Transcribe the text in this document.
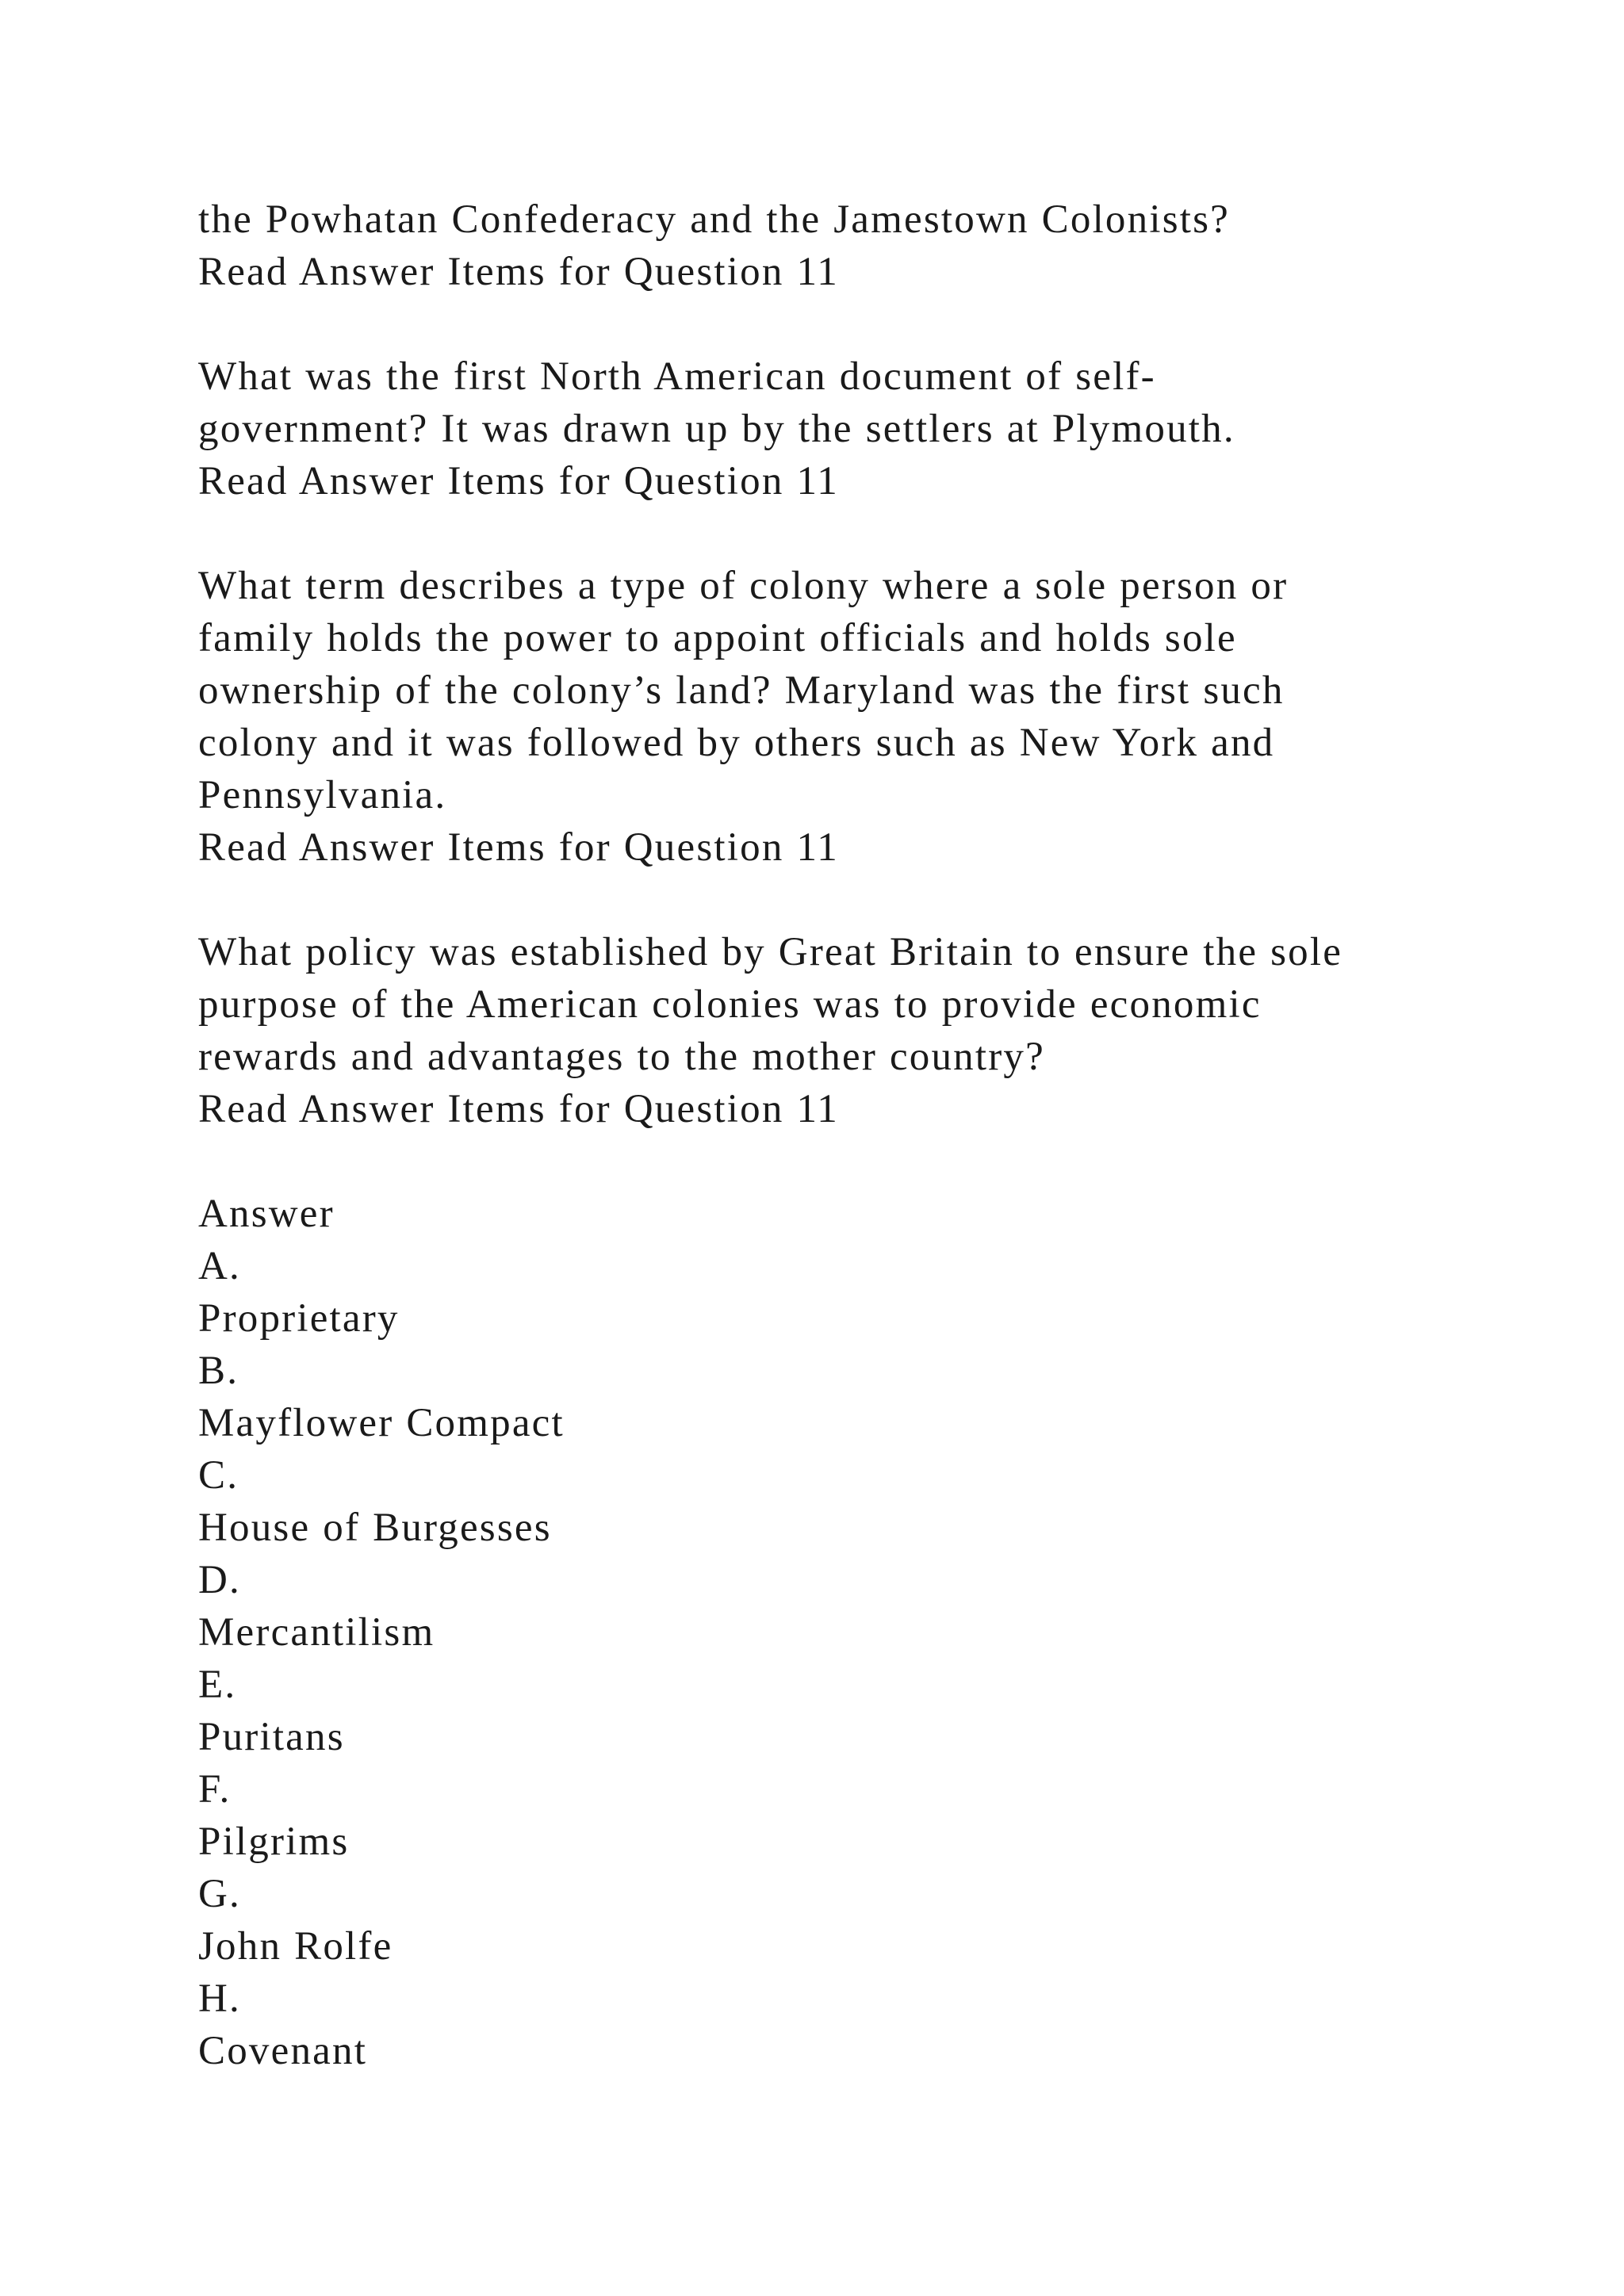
the Powhatan Confederacy and the Jamestown Colonists?
Read Answer Items for Question 11
What was the first North American document of self-
government? It was drawn up by the settlers at Plymouth.
Read Answer Items for Question 11
What term describes a type of colony where a sole person or
family holds the power to appoint officials and holds sole
ownership of the colony’s land? Maryland was the first such
colony and it was followed by others such as New York and
Pennsylvania.
Read Answer Items for Question 11
What policy was established by Great Britain to ensure the sole
purpose of the American colonies was to provide economic
rewards and advantages to the mother country?
Read Answer Items for Question 11
Answer
A.
Proprietary
B.
Mayflower Compact
C.
House of Burgesses
D.
Mercantilism
E.
Puritans
F.
Pilgrims
G.
John Rolfe
H.
Covenant
